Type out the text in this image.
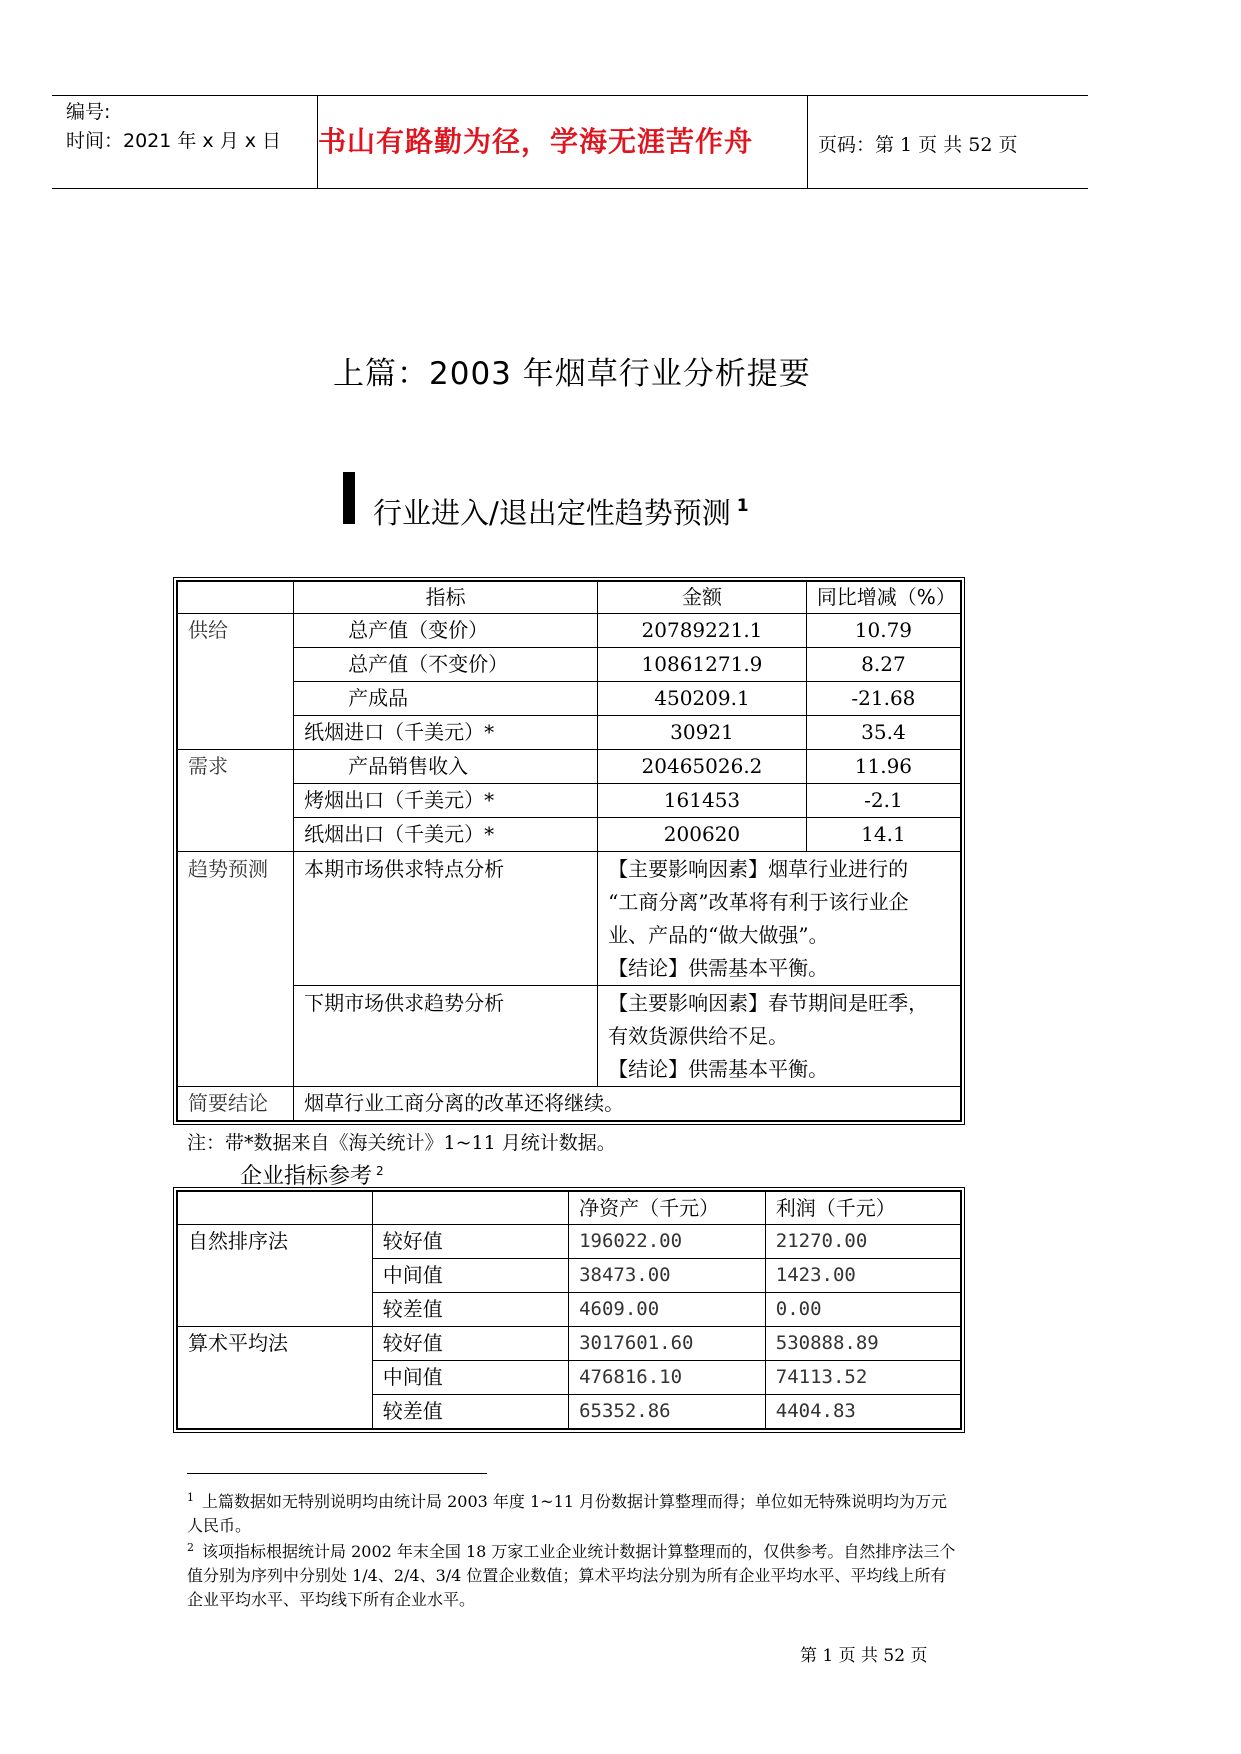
编号:
时间：2021 年 x 月 x 日 书山有路勤为径，学海无涯苦作舟	页码：第 1 页 共 52 页
上篇：2003 年烟草行业分析提要
行业进入/退出定性趋势预测 $^1$
	指标	金额	同比增减（%）
供给	总产值（变价）	20789221.1	10.79
	总产值（不变价）	10861271.9	8.27
	产成品	450209.1	-21.68
	纸烟进口（千美元）*	30921	35.4
需求	产品销售收入	20465026.2	11.96
	烤烟出口（千美元）*	161453	-2.1
	纸烟出口（千美元）*	200620	14.1
趋势预测	本期市场供求特点分析	【主要影响因素】烟草行业进行的
“工商分离”改革将有利于该行业企
业、产品的“做大做强”。
【结论】供需基本平衡。	

	下期市场供求趋势分析	【主要影响因素】春节期间是旺季，
有效货源供给不足。
【结论】供需基本平衡。	

简要结论	烟草行业工商分离的改革还将继续。		
注：带*数据来自《海关统计》1~11 月统计数据。
企业指标参考 $^2$
		净资产（千元）	利润（千元）
自然排序法	较好值	196022.00	21270.00
	中间值	38473.00	1423.00
	较差值	4609.00	0.00
算术平均法	较好值	3017601.60	530888.89
	中间值	476816.10	74113.52
	较差值	65352.86	4404.83
$^1$ 上篇数据如无特别说明均由统计局 2003 年度 1~11 月份数据计算整理而得；单位如无特殊说明均为万元人民币。
$^2$ 该项指标根据统计局 2002 年末全国 18 万家工业企业统计数据计算整理而的，仅供参考。自然排序法三个值分别为序列中分别处 1/4、2/4、3/4 位置企业数值；算术平均法分别为所有企业平均水平、平均线上所有企业平均水平、平均线下所有企业水平。
第 1 页 共 52 页
